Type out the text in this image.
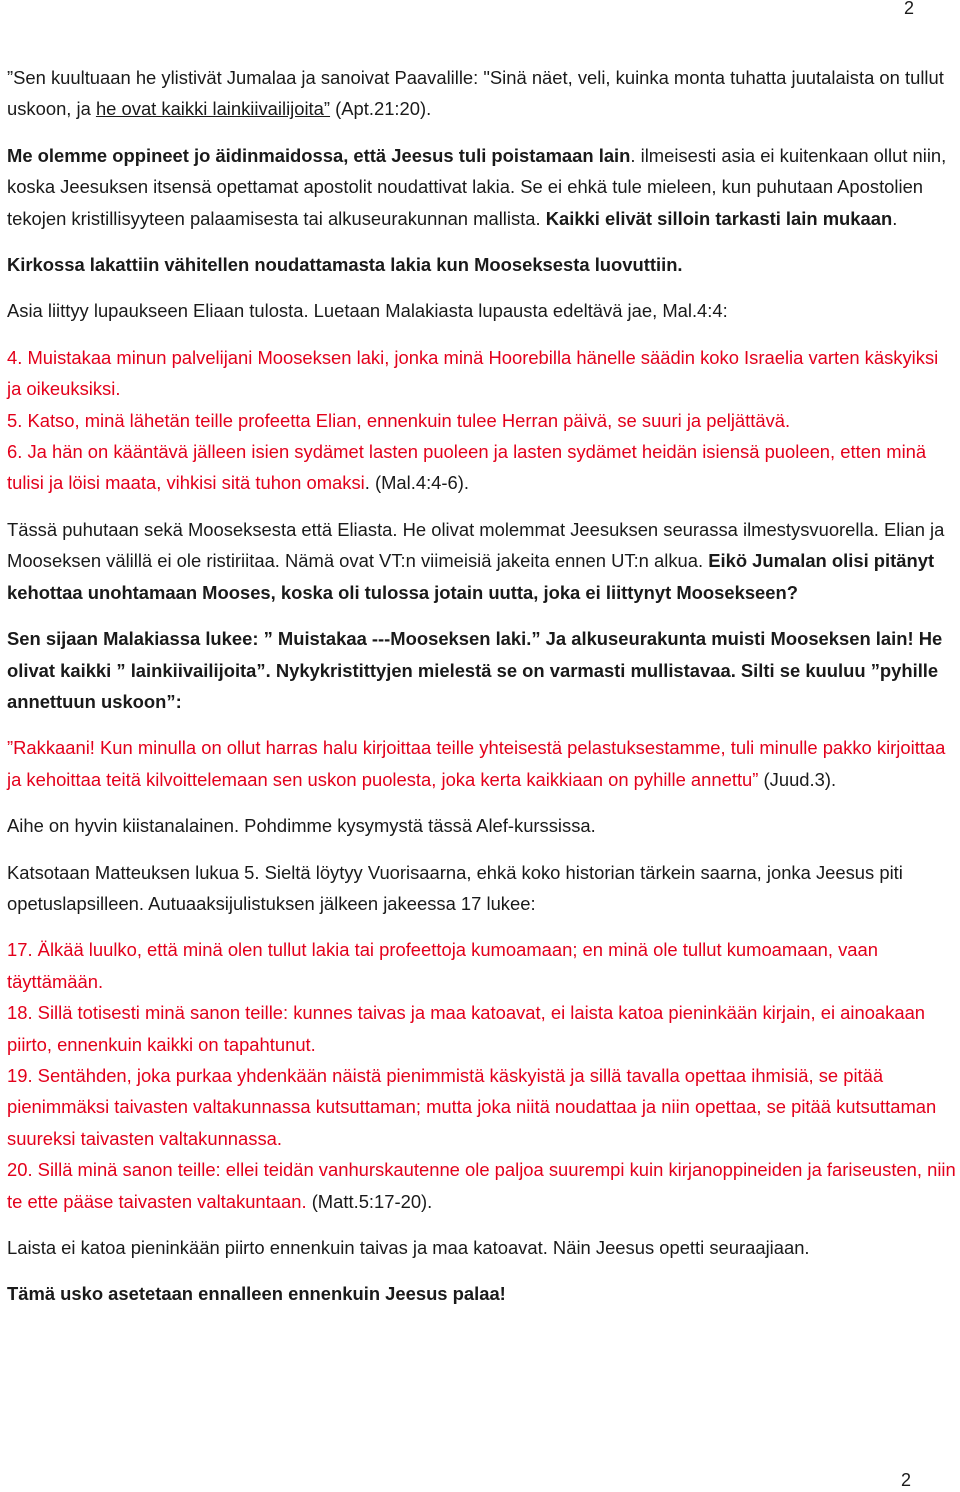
2

”Sen kuultuaan he ylistivät Jumalaa ja sanoivat Paavalille: "Sinä näet, veli, kuinka monta tuhatta juutalaista on tullut uskoon, ja he ovat kaikki lainkiivailijoita” (Apt.21:20).

Me olemme oppineet jo äidinmaidossa, että Jeesus tuli poistamaan lain. ilmeisesti asia ei kuitenkaan ollut niin, koska Jeesuksen itsensä opettamat apostolit noudattivat lakia. Se ei ehkä tule mieleen, kun puhutaan Apostolien tekojen kristillisyyteen palaamisesta tai alkuseurakunnan mallista. Kaikki elivät silloin tarkasti lain mukaan.

Kirkossa lakattiin vähitellen noudattamasta lakia kun Mooseksesta luovuttiin.

Asia liittyy lupaukseen Eliaan tulosta. Luetaan Malakiasta lupausta edeltävä jae, Mal.4:4:

4. Muistakaa minun palvelijani Mooseksen laki, jonka minä Hoorebilla hänelle säädin koko Israelia varten käskyiksi ja oikeuksiksi.
5. Katso, minä lähetän teille profeetta Elian, ennenkuin tulee Herran päivä, se suuri ja peljättävä.
6. Ja hän on kääntävä jälleen isien sydämet lasten puoleen ja lasten sydämet heidän isiensä puoleen, etten minä tulisi ja löisi maata, vihkisi sitä tuhon omaksi. (Mal.4:4-6).

Tässä puhutaan sekä Mooseksesta että Eliasta. He olivat molemmat Jeesuksen seurassa ilmestysvuorella. Elian ja Mooseksen välillä ei ole ristiriitaa. Nämä ovat VT:n viimeisiä jakeita ennen UT:n alkua. Eikö Jumalan olisi pitänyt kehottaa unohtamaan Mooses, koska oli tulossa jotain uutta, joka ei liittynyt Moosekseen?

Sen sijaan Malakiassa lukee: ” Muistakaa ---Mooseksen laki.” Ja alkuseurakunta muisti Mooseksen lain! He olivat kaikki ” lainkiivailijoita”. Nykykristittyjen mielestä se on varmasti mullistavaa. Silti se kuuluu ”pyhille annettuun uskoon”:

”Rakkaani! Kun minulla on ollut harras halu kirjoittaa teille yhteisestä pelastuksestamme, tuli minulle pakko kirjoittaa ja kehoittaa teitä kilvoittelemaan sen uskon puolesta, joka kerta kaikkiaan on pyhille annettu” (Juud.3).

Aihe on hyvin kiistanalainen. Pohdimme kysymystä tässä Alef-kurssissa.

Katsotaan Matteuksen lukua 5. Sieltä löytyy Vuorisaarna, ehkä koko historian tärkein saarna, jonka Jeesus piti opetuslapsilleen. Autuaaksijulistuksen jälkeen jakeessa 17 lukee:

17. Älkää luulko, että minä olen tullut lakia tai profeettoja kumoamaan; en minä ole tullut kumoamaan, vaan täyttämään.
18. Sillä totisesti minä sanon teille: kunnes taivas ja maa katoavat, ei laista katoa pieninkään kirjain, ei ainoakaan piirto, ennenkuin kaikki on tapahtunut.
19. Sentähden, joka purkaa yhdenkään näistä pienimmistä käskyistä ja sillä tavalla opettaa ihmisiä, se pitää pienimmäksi taivasten valtakunnassa kutsuttaman; mutta joka niitä noudattaa ja niin opettaa, se pitää kutsuttaman suureksi taivasten valtakunnassa.
20. Sillä minä sanon teille: ellei teidän vanhurskautenne ole paljoa suurempi kuin kirjanoppineiden ja fariseusten, niin te ette pääse taivasten valtakuntaan. (Matt.5:17-20).

Laista ei katoa pieninkään piirto ennenkuin taivas ja maa katoavat. Näin Jeesus opetti seuraajiaan.

Tämä usko asetetaan ennalleen ennenkuin Jeesus palaa!

2
